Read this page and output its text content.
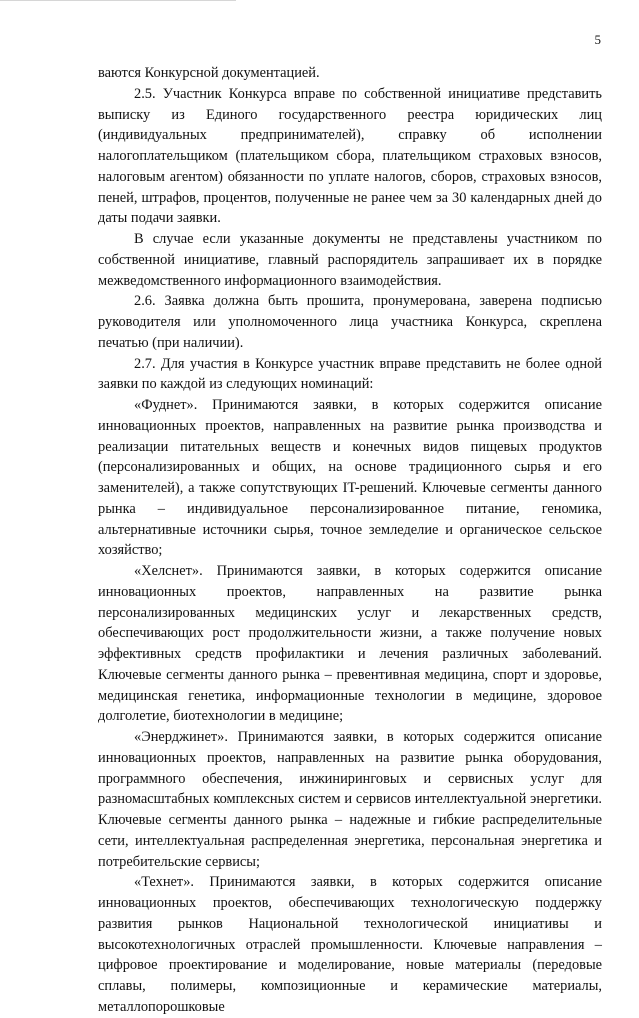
5

ваются Конкурсной документацией.

2.5. Участник Конкурса вправе по собственной инициативе представить выписку из Единого государственного реестра юридических лиц (индивидуальных предпринимателей), справку об исполнении налогоплательщиком (плательщиком сбора, плательщиком страховых взносов, налоговым агентом) обязанности по уплате налогов, сборов, страховых взносов, пеней, штрафов, процентов, полученные не ранее чем за 30 календарных дней до даты подачи заявки.

В случае если указанные документы не представлены участником по собственной инициативе, главный распорядитель запрашивает их в порядке межведомственного информационного взаимодействия.

2.6. Заявка должна быть прошита, пронумерована, заверена подписью руководителя или уполномоченного лица участника Конкурса, скреплена печатью (при наличии).

2.7. Для участия в Конкурсе участник вправе представить не более одной заявки по каждой из следующих номинаций:

«Фуднет». Принимаются заявки, в которых содержится описание инновационных проектов, направленных на развитие рынка производства и реализации питательных веществ и конечных видов пищевых продуктов (персонализированных и общих, на основе традиционного сырья и его заменителей), а также сопутствующих IT-решений. Ключевые сегменты данного рынка – индивидуальное персонализированное питание, геномика, альтернативные источники сырья, точное земледелие и органическое сельское хозяйство;

«Хелснет». Принимаются заявки, в которых содержится описание инновационных проектов, направленных на развитие рынка персонализированных медицинских услуг и лекарственных средств, обеспечивающих рост продолжительности жизни, а также получение новых эффективных средств профилактики и лечения различных заболеваний. Ключевые сегменты данного рынка – превентивная медицина, спорт и здоровье, медицинская генетика, информационные технологии в медицине, здоровое долголетие, биотехнологии в медицине;

«Энерджинет». Принимаются заявки, в которых содержится описание инновационных проектов, направленных на развитие рынка оборудования, программного обеспечения, инжиниринговых и сервисных услуг для разномасштабных комплексных систем и сервисов интеллектуальной энергетики. Ключевые сегменты данного рынка – надежные и гибкие распределительные сети, интеллектуальная распределенная энергетика, персональная энергетика и потребительские сервисы;

«Технет». Принимаются заявки, в которых содержится описание инновационных проектов, обеспечивающих технологическую поддержку развития рынков Национальной технологической инициативы и высокотехнологичных отраслей промышленности. Ключевые направления – цифровое проектирование и моделирование, новые материалы (передовые сплавы, полимеры, композиционные и керамические материалы, металлопорошковые
